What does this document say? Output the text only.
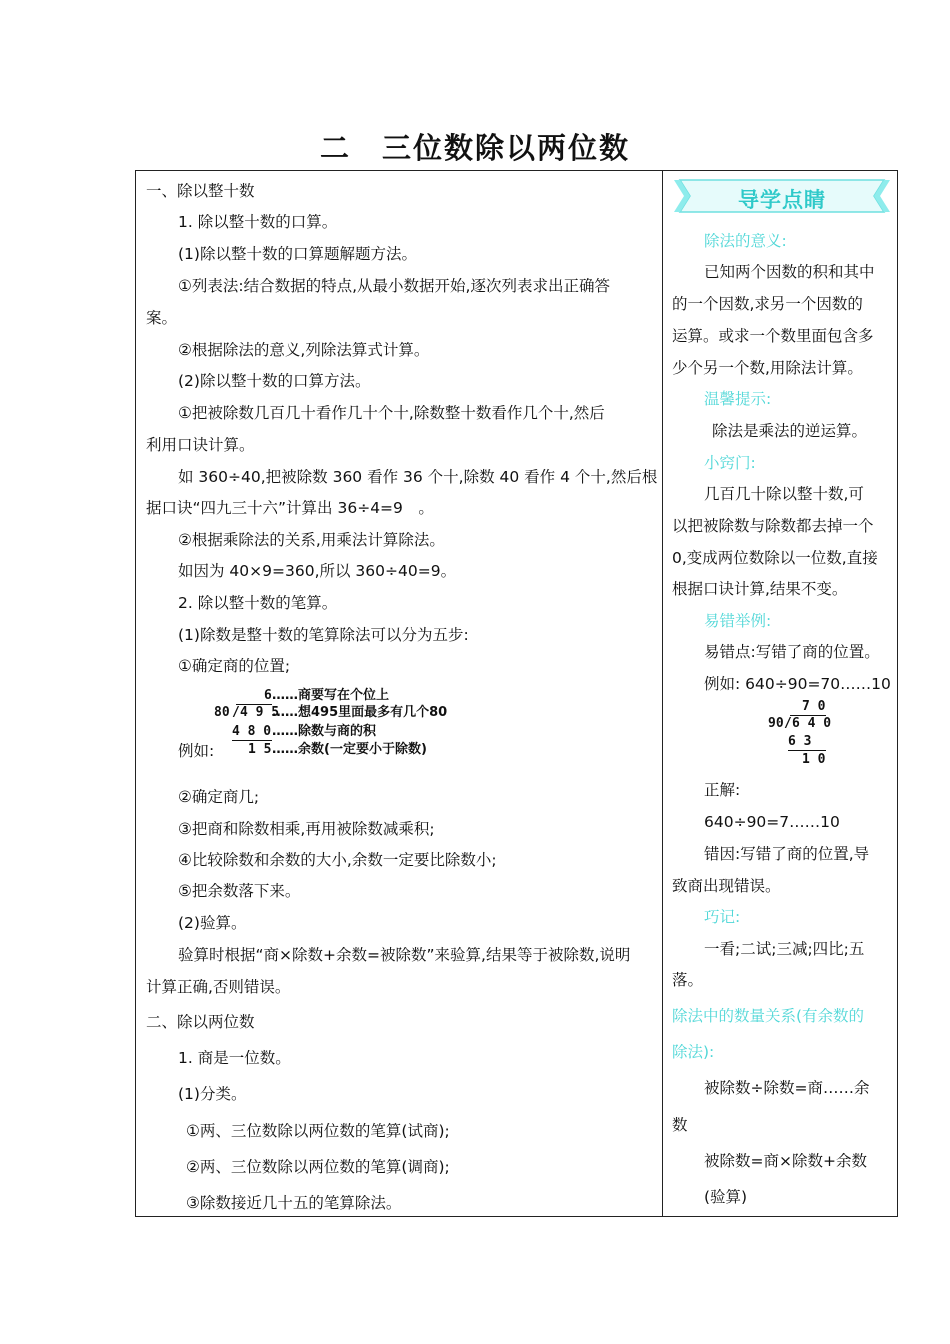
二　三位数除以两位数
一、除以整十数
1. 除以整十数的口算。
(1)除以整十数的口算题解题方法。
①列表法:结合数据的特点,从最小数据开始,逐次列表求出正确答
案。
②根据除法的意义,列除法算式计算。
(2)除以整十数的口算方法。
①把被除数几百几十看作几十个十,除数整十数看作几个十,然后
利用口诀计算。
如 360÷40,把被除数 360 看作 36 个十,除数 40 看作 4 个十,然后根
据口诀“四九三十六”计算出 36÷4=9　。
②根据乘除法的关系,用乘法计算除法。
如因为 40×9=360,所以 360÷40=9。
2. 除以整十数的笔算。
(1)除数是整十数的笔算除法可以分为五步:
①确定商的位置;
6 ……商要写在个位上
80 / 4 9 5
……想495里面最多有几个80
4 8 0 ……除数与商的积
1 5 ……余数(一定要小于除数)
例如:
②确定商几;
③把商和除数相乘,再用被除数减乘积;
④比较除数和余数的大小,余数一定要比除数小;
⑤把余数落下来。
(2)验算。
验算时根据“商×除数+余数=被除数”来验算,结果等于被除数,说明
计算正确,否则错误。
二、除以两位数
1. 商是一位数。
(1)分类。
①两、三位数除以两位数的笔算(试商);
②两、三位数除以两位数的笔算(调商);
③除数接近几十五的笔算除法。
导学点睛
除法的意义:
已知两个因数的积和其中
的一个因数,求另一个因数的
运算。或求一个数里面包含多
少个另一个数,用除法计算。
温馨提示:
除法是乘法的逆运算。
小窍门:
几百几十除以整十数,可
以把被除数与除数都去掉一个
0,变成两位数除以一位数,直接
根据口诀计算,结果不变。
易错举例:
易错点:写错了商的位置。
例如: 640÷90=70……10
7 0
90 / 6 4 0
6 3
1 0
正解:
640÷90=7……10
错因:写错了商的位置,导
致商出现错误。
巧记:
一看;二试;三减;四比;五
落。
除法中的数量关系(有余数的
除法):
被除数÷除数=商……余
数
被除数=商×除数+余数
(验算)
